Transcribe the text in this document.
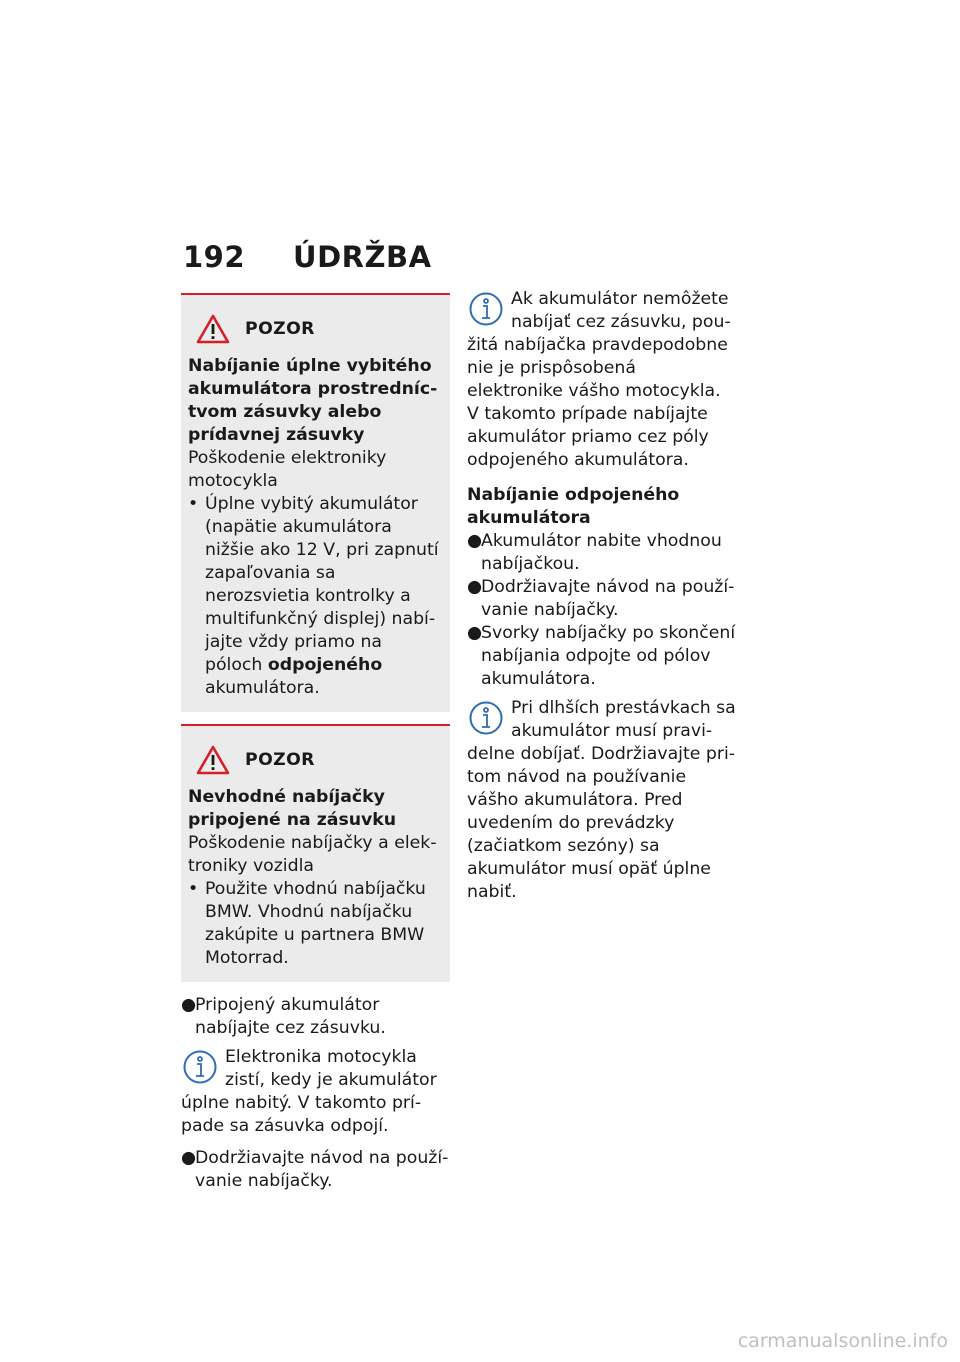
192 ÚDRŽBA
POZOR

Nabíjanie úplne vybitého akumulátora prostredníctvom zásuvky alebo prídavnej zásuvky

Poškodenie elektroniky motocykla

• Úplne vybitý akumulátor (napätie akumulátora nižšie ako 12 V, pri zapnutí zapaľovania sa nerozsvietia kontrolky a multifunkčný displej) nabíjajte vždy priamo na póloch odpojeného akumulátora.
POZOR

Nevhodné nabíjačky pripojené na zásuvku

Poškodenie nabíjačky a elektroniky vozidla

• Použite vhodnú nabíjačku BMW. Vhodnú nabíjačku zakúpite u partnera BMW Motorrad.
●
Pripojený akumulátor nabíjajte cez zásuvku.
Elektronika motocykla zistí, kedy je akumulátor úplne nabitý. V takomto prípade sa zásuvka odpojí.
●
Dodržiavajte návod na používanie nabíjačky.
Ak akumulátor nemôžete nabíjať cez zásuvku, použitá nabíjačka pravdepodobne nie je prispôsobená elektronike vášho motocykla. V takomto prípade nabíjajte akumulátor priamo cez póly odpojeného akumulátora.

Nabíjanie odpojeného akumulátora

●
Akumulátor nabite vhodnou nabíjačkou.
●
Dodržiavajte návod na používanie nabíjačky.
●
Svorky nabíjačky po skončení nabíjania odpojte od pólov akumulátora.
Pri dlhších prestávkach sa akumulátor musí pravidelne dobíjať. Dodržiavajte pritom návod na používanie vášho akumulátora. Pred uvedením do prevádzky (začiatkom sezóny) sa akumulátor musí opäť úplne nabiť.
carmanualsonline.info
